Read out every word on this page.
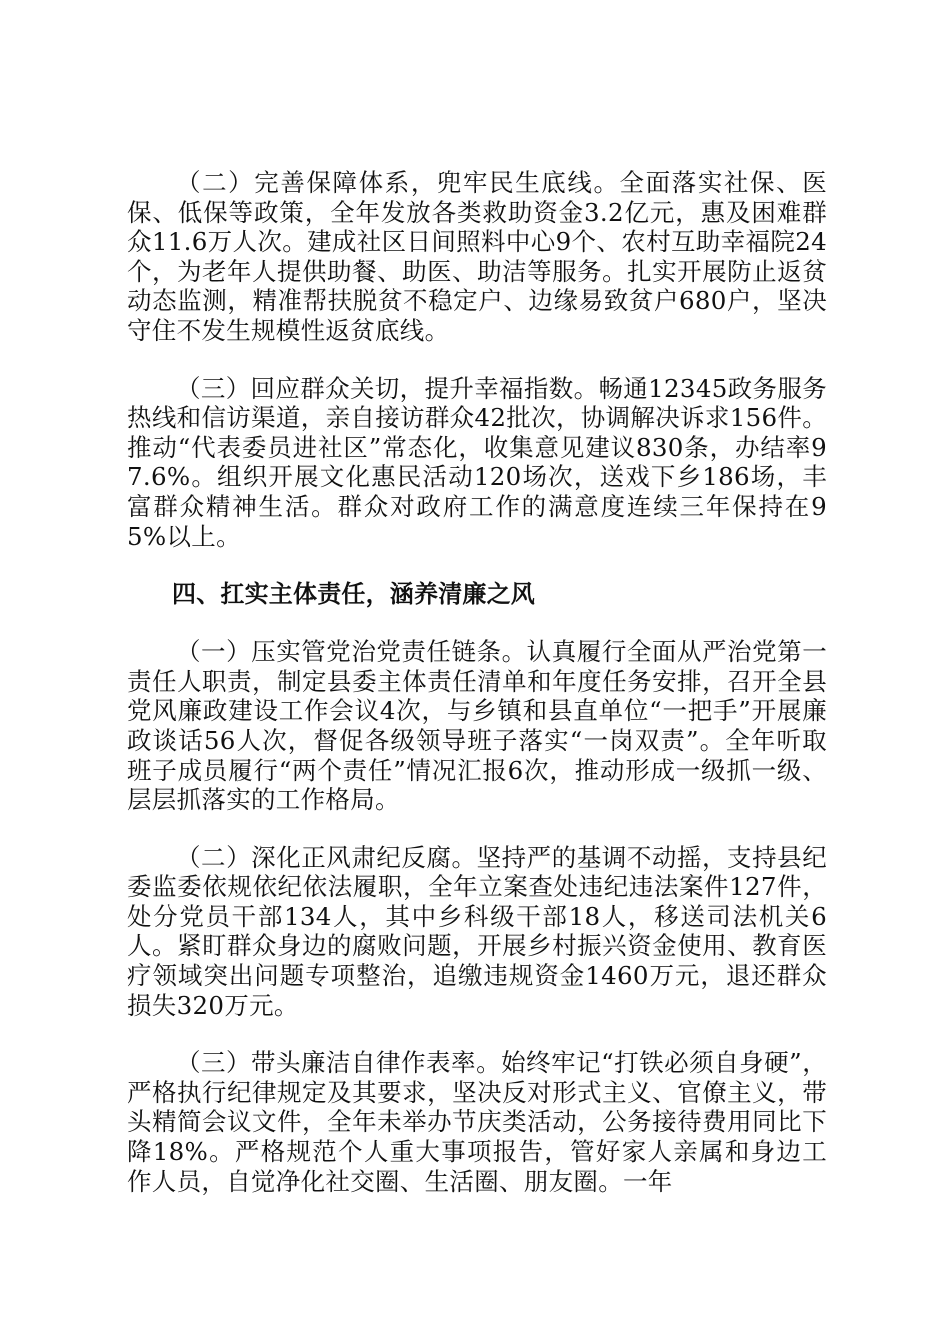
（二）完善保障体系，兜牢民生底线。全面落实社保、医保、低保等政策，全年发放各类救助资金3.2亿元，惠及困难群众11.6万人次。建成社区日间照料中心9个、农村互助幸福院24个，为老年人提供助餐、助医、助洁等服务。扎实开展防止返贫动态监测，精准帮扶脱贫不稳定户、边缘易致贫户680户，坚决守住不发生规模性返贫底线。

（三）回应群众关切，提升幸福指数。畅通12345政务服务热线和信访渠道，亲自接访群众42批次，协调解决诉求156件。推动“代表委员进社区”常态化，收集意见建议830条，办结率97.6%。组织开展文化惠民活动120场次，送戏下乡186场，丰富群众精神生活。群众对政府工作的满意度连续三年保持在95%以上。

四、扛实主体责任，涵养清廉之风

（一）压实管党治党责任链条。认真履行全面从严治党第一责任人职责，制定县委主体责任清单和年度任务安排，召开全县党风廉政建设工作会议4次，与乡镇和县直单位“一把手”开展廉政谈话56人次，督促各级领导班子落实“一岗双责”。全年听取班子成员履行“两个责任”情况汇报6次，推动形成一级抓一级、层层抓落实的工作格局。

（二）深化正风肃纪反腐。坚持严的基调不动摇，支持县纪委监委依规依纪依法履职，全年立案查处违纪违法案件127件，处分党员干部134人，其中乡科级干部18人，移送司法机关6人。紧盯群众身边的腐败问题，开展乡村振兴资金使用、教育医疗领域突出问题专项整治，追缴违规资金1460万元，退还群众损失320万元。

（三）带头廉洁自律作表率。始终牢记“打铁必须自身硬”，严格执行纪律规定及其要求，坚决反对形式主义、官僚主义，带头精简会议文件，全年未举办节庆类活动，公务接待费用同比下降18%。严格规范个人重大事项报告，管好家人亲属和身边工作人员，自觉净化社交圈、生活圈、朋友圈。一年
